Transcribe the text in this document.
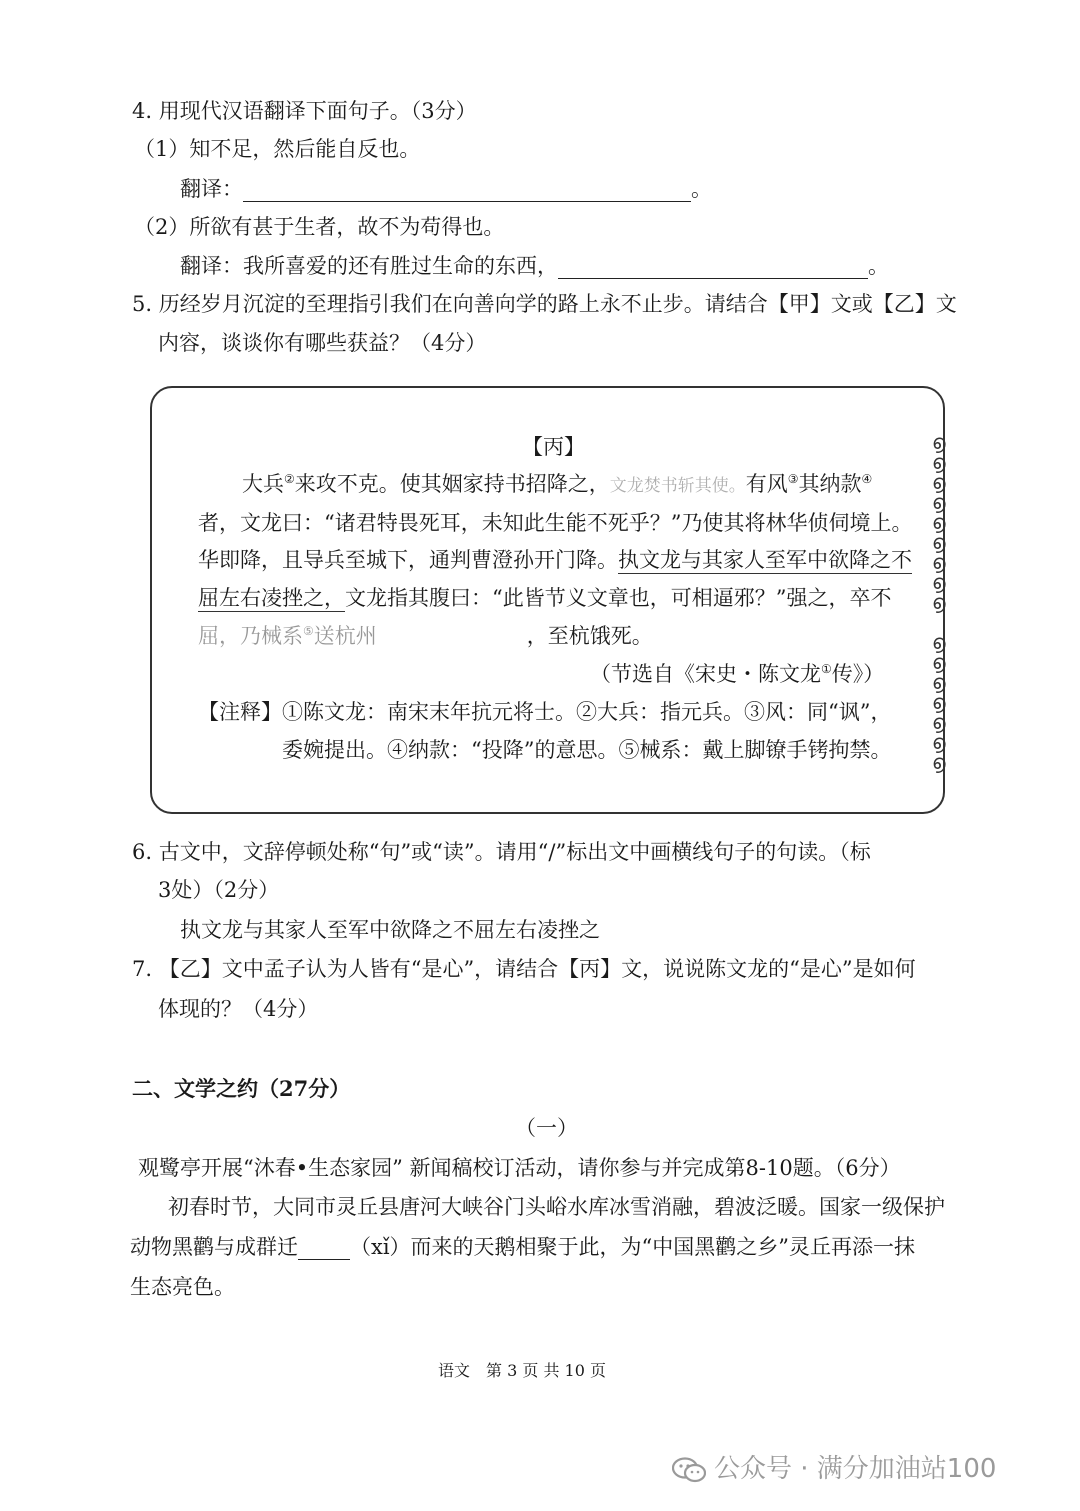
4. 用现代汉语翻译下面句子。（3分）
（1）知不足，然后能自反也。
翻译：	。
（2）所欲有甚于生者，故不为苟得也。
翻译：我所喜爱的还有胜过生命的东西，	。
5. 历经岁月沉淀的至理指引我们在向善向学的路上永不止步。请结合【甲】文或【乙】文
内容，谈谈你有哪些获益？（4分）
൭
൭
൭
൭
൭
൭
൭
൭
൭

൭
൭
൭
൭
൭
൭
൭
【丙】
大兵②来攻不克。使其姻家持书招降之，文龙焚书斩其使。有风③其纳款④
者，文龙曰：“诸君特畏死耳，未知此生能不死乎？”乃使其将林华侦伺境上。
华即降，且导兵至城下，通判曹澄孙开门降。执文龙与其家人至军中欲降之不
屈左右凌挫之，文龙指其腹曰：“此皆节义文章也，可相逼邪？”强之，卒不
屈，乃械系⑤送杭州	，至杭饿死。
（节选自《宋史・陈文龙①传》）
【注释】①陈文龙：南宋末年抗元将士。②大兵：指元兵。③风：同“讽”，
委婉提出。④纳款：“投降”的意思。⑤械系：戴上脚镣手铐拘禁。
6. 古文中，文辞停顿处称“句”或“读”。请用“/”标出文中画横线句子的句读。（标
3处）（2分）
执文龙与其家人至军中欲降之不屈左右凌挫之
7. 【乙】文中孟子认为人皆有“是心”，请结合【丙】文，说说陈文龙的“是心”是如何
体现的？（4分）
二、文学之约（27分）
（一）
观鹭亭开展“沐春•生态家园” 新闻稿校订活动，请你参与并完成第8-10题。（6分）
初春时节，大同市灵丘县唐河大峡谷门头峪水库冰雪消融，碧波泛暖。国家一级保护
动物黑鹳与成群迁 （xǐ）而来的天鹅相聚于此，为“中国黑鹳之乡”灵丘再添一抹
生态亮色。
语文　第 3 页 共 10 页
公众号 · 满分加油站100
